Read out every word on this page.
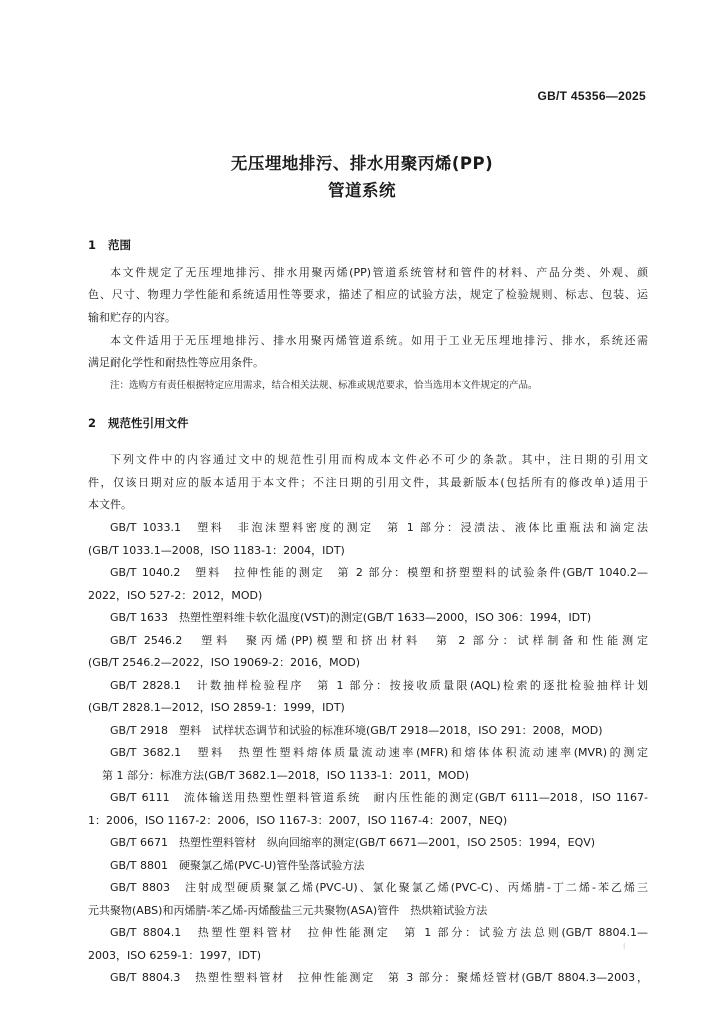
GB/T 45356—2025
无压埋地排污、排水用聚丙烯(PP)
管道系统
1 范围
本文件规定了无压埋地排污、排水用聚丙烯(PP)管道系统管材和管件的材料、产品分类、外观、颜
色、尺寸、物理力学性能和系统适用性等要求，描述了相应的试验方法，规定了检验规则、标志、包装、运
输和贮存的内容。
本文件适用于无压埋地排污、排水用聚丙烯管道系统。如用于工业无压埋地排污、排水，系统还需
满足耐化学性和耐热性等应用条件。
注：选购方有责任根据特定应用需求，结合相关法规、标准或规范要求，恰当选用本文件规定的产品。
2 规范性引用文件
下列文件中的内容通过文中的规范性引用而构成本文件必不可少的条款。其中，注日期的引用文
件，仅该日期对应的版本适用于本文件；不注日期的引用文件，其最新版本(包括所有的修改单)适用于
本文件。
GB/T 1033.1　塑料　非泡沫塑料密度的测定　第 1 部分：浸渍法、液体比重瓶法和滴定法
(GB/T 1033.1—2008，ISO 1183-1：2004，IDT)
GB/T 1040.2　塑料　拉伸性能的测定　第 2 部分：模塑和挤塑塑料的试验条件(GB/T 1040.2—
2022，ISO 527-2：2012，MOD)
GB/T 1633　热塑性塑料维卡软化温度(VST)的测定(GB/T 1633—2000，ISO 306：1994，IDT)
GB/T 2546.2　塑料　聚丙烯(PP)模塑和挤出材料　第 2 部分：试样制备和性能测定
(GB/T 2546.2—2022，ISO 19069-2：2016，MOD)
GB/T 2828.1　计数抽样检验程序　第 1 部分：按接收质量限(AQL)检索的逐批检验抽样计划
(GB/T 2828.1—2012，ISO 2859-1：1999，IDT)
GB/T 2918　塑料　试样状态调节和试验的标准环境(GB/T 2918—2018，ISO 291：2008，MOD)
GB/T 3682.1　塑料　热塑性塑料熔体质量流动速率(MFR)和熔体体积流动速率(MVR)的测定
第 1 部分：标准方法(GB/T 3682.1—2018，ISO 1133-1：2011，MOD)
GB/T 6111　流体输送用热塑性塑料管道系统　耐内压性能的测定(GB/T 6111—2018，ISO 1167-
1：2006，ISO 1167-2：2006，ISO 1167-3：2007，ISO 1167-4：2007，NEQ)
GB/T 6671　热塑性塑料管材　纵向回缩率的测定(GB/T 6671—2001，ISO 2505：1994，EQV)
GB/T 8801　硬聚氯乙烯(PVC-U)管件坠落试验方法
GB/T 8803　注射成型硬质聚氯乙烯(PVC-U)、氯化聚氯乙烯(PVC-C)、丙烯腈-丁二烯-苯乙烯三
元共聚物(ABS)和丙烯腈-苯乙烯-丙烯酸盐三元共聚物(ASA)管件　热烘箱试验方法
GB/T 8804.1　热塑性塑料管材　拉伸性能测定　第 1 部分：试验方法总则(GB/T 8804.1—
2003，ISO 6259-1：1997，IDT)
GB/T 8804.3　热塑性塑料管材　拉伸性能测定　第 3 部分：聚烯烃管材(GB/T 8804.3—2003，
I
